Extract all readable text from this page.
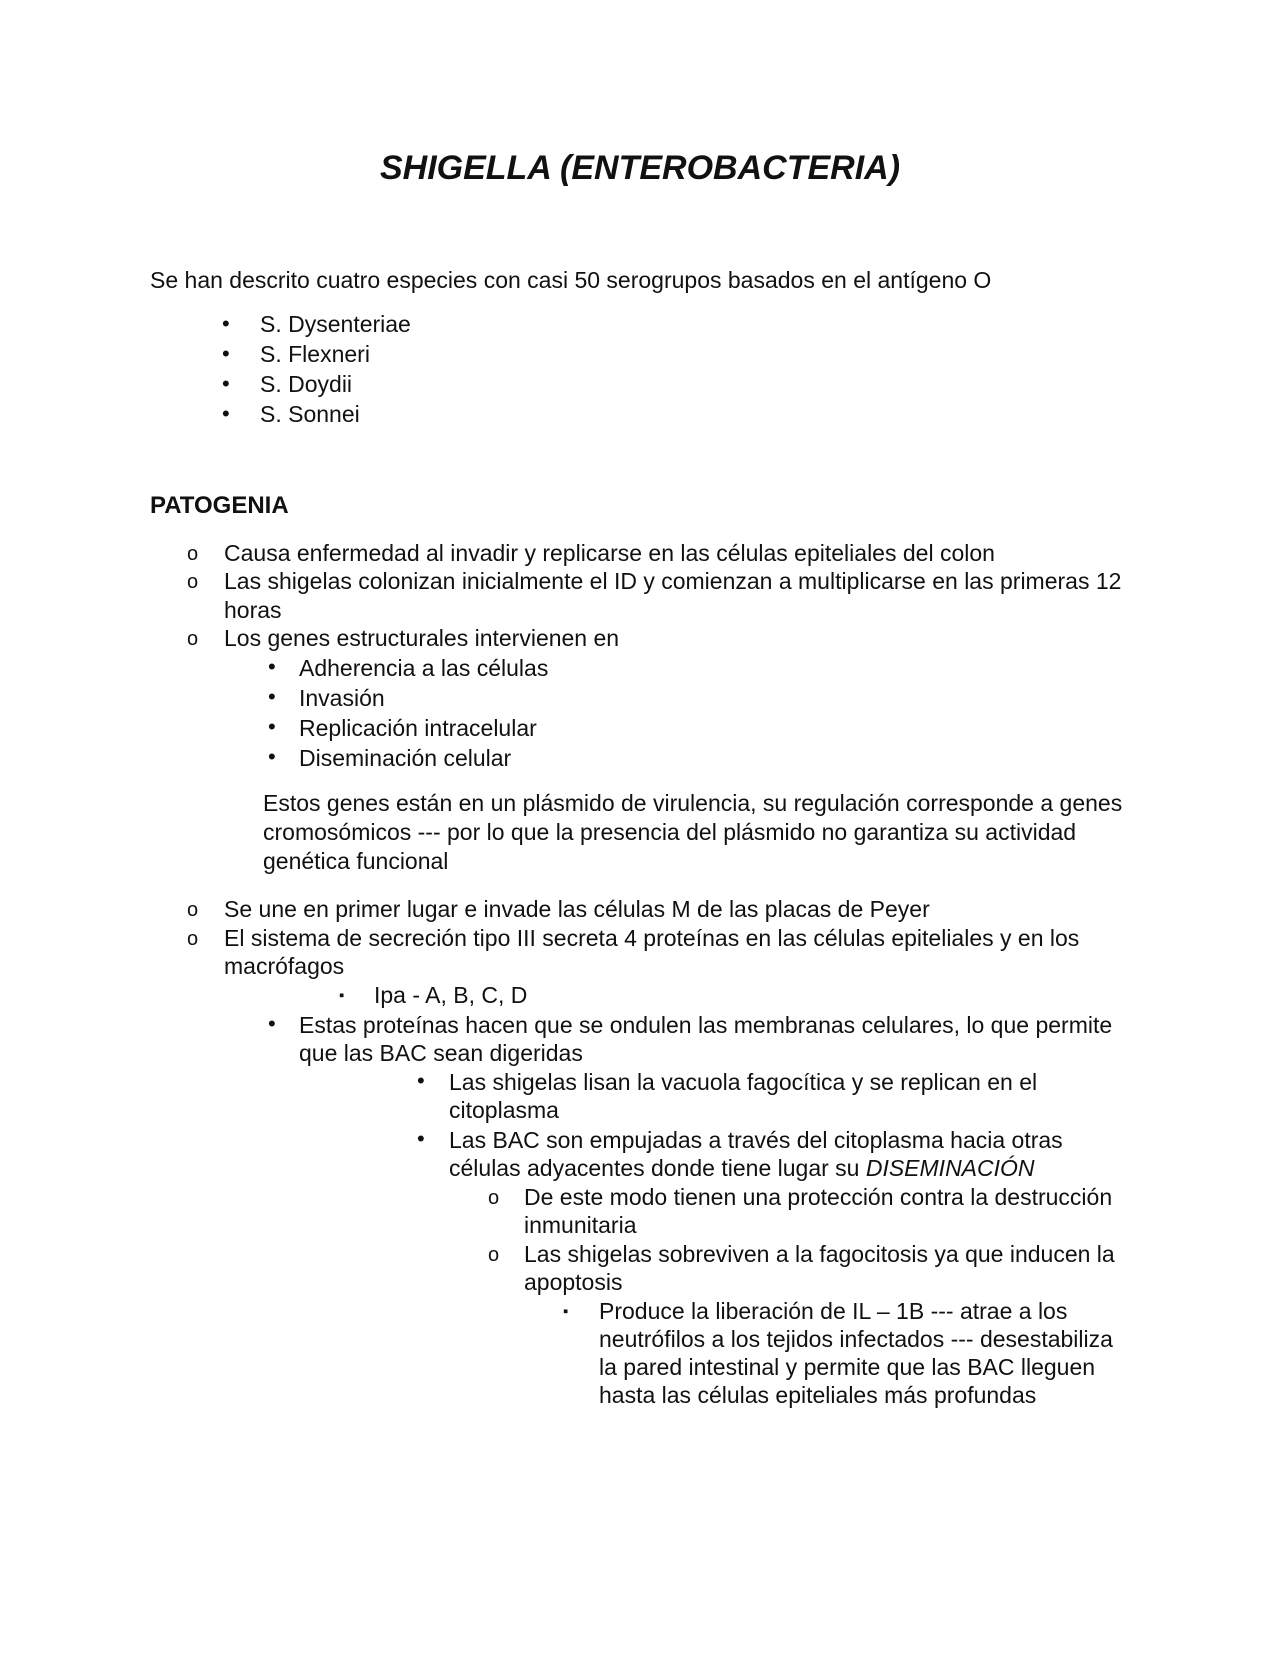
SHIGELLA (ENTEROBACTERIA)
Se han descrito cuatro especies con casi 50 serogrupos basados en el antígeno O
• S. Dysenteriae
• S. Flexneri
• S. Doydii
• S. Sonnei
PATOGENIA
o Causa enfermedad al invadir y replicarse en las células epiteliales del colon
o Las shigelas colonizan inicialmente el ID y comienzan a multiplicarse en las primeras 12
horas
o Los genes estructurales intervienen en
• Adherencia a las células
• Invasión
• Replicación intracelular
• Diseminación celular
Estos genes están en un plásmido de virulencia, su regulación corresponde a genes
cromosómicos --- por lo que la presencia del plásmido no garantiza su actividad
genética funcional
o Se une en primer lugar e invade las células M de las placas de Peyer
o El sistema de secreción tipo III secreta 4 proteínas en las células epiteliales y en los
macrófagos
▪ Ipa - A, B, C, D
• Estas proteínas hacen que se ondulen las membranas celulares, lo que permite
que las BAC sean digeridas
• Las shigelas lisan la vacuola fagocítica y se replican en el
citoplasma
• Las BAC son empujadas a través del citoplasma hacia otras
células adyacentes donde tiene lugar su DISEMINACIÓN
o De este modo tienen una protección contra la destrucción
inmunitaria
o Las shigelas sobreviven a la fagocitosis ya que inducen la
apoptosis
▪ Produce la liberación de IL – 1B --- atrae a los
neutrófilos a los tejidos infectados --- desestabiliza
la pared intestinal y permite que las BAC lleguen
hasta las células epiteliales más profundas
